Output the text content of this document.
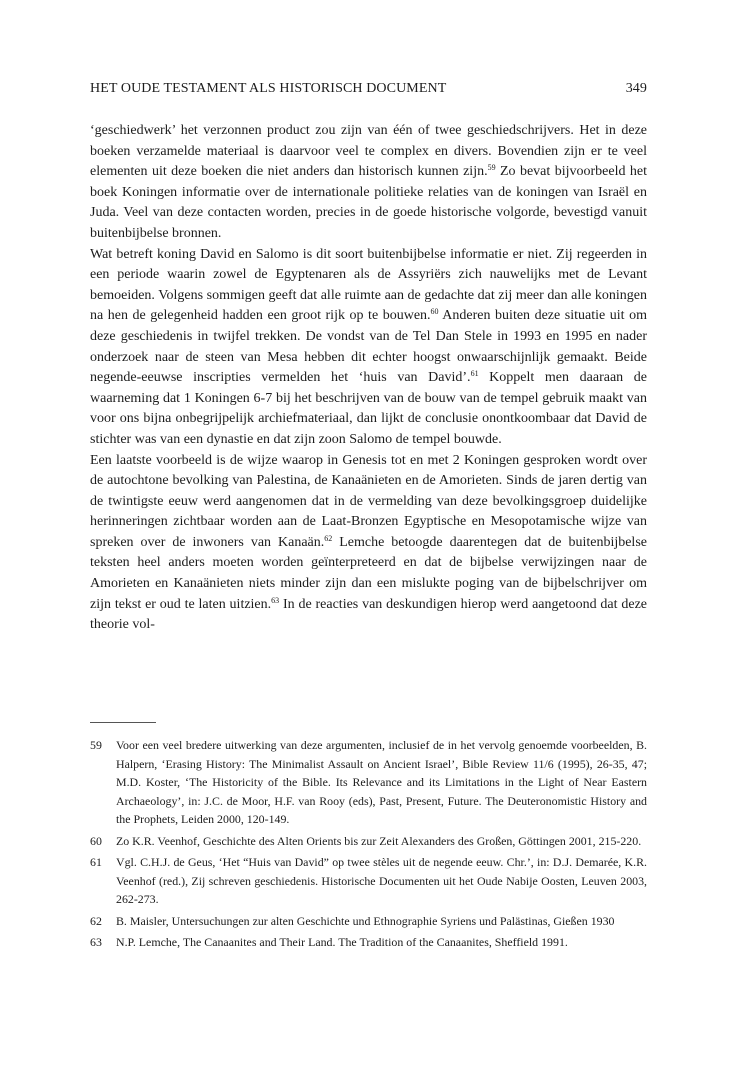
HET OUDE TESTAMENT ALS HISTORISCH DOCUMENT	349

‘geschiedwerk’ het verzonnen product zou zijn van één of twee geschiedschrijvers. Het in deze boeken verzamelde materiaal is daarvoor veel te complex en divers. Bovendien zijn er te veel elementen uit deze boeken die niet anders dan historisch kunnen zijn.$^{59}$ Zo bevat bijvoorbeeld het boek Koningen informatie over de internationale politieke relaties van de koningen van Israël en Juda. Veel van deze contacten worden, precies in de goede historische volgorde, bevestigd vanuit buitenbijbelse bronnen.

Wat betreft koning David en Salomo is dit soort buitenbijbelse informatie er niet. Zij regeerden in een periode waarin zowel de Egyptenaren als de Assyriërs zich nauwelijks met de Levant bemoeiden. Volgens sommigen geeft dat alle ruimte aan de gedachte dat zij meer dan alle koningen na hen de gelegenheid hadden een groot rijk op te bouwen.$^{60}$ Anderen buiten deze situatie uit om deze geschiedenis in twijfel trekken. De vondst van de Tel Dan Stele in 1993 en 1995 en nader onderzoek naar de steen van Mesa hebben dit echter hoogst onwaarschijnlijk gemaakt. Beide negende-eeuwse inscripties vermelden het ‘huis van David’.$^{61}$ Koppelt men daaraan de waarneming dat 1 Koningen 6-7 bij het beschrijven van de bouw van de tempel gebruik maakt van voor ons bijna onbegrijpelijk archiefmateriaal, dan lijkt de conclusie onontkoombaar dat David de stichter was van een dynastie en dat zijn zoon Salomo de tempel bouwde.

Een laatste voorbeeld is de wijze waarop in Genesis tot en met 2 Koningen gesproken wordt over de autochtone bevolking van Palestina, de Kanaänieten en de Amorieten. Sinds de jaren dertig van de twintigste eeuw werd aangenomen dat in de vermelding van deze bevolkingsgroep duidelijke herinneringen zichtbaar worden aan de Laat-Bronzen Egyptische en Mesopotamische wijze van spreken over de inwoners van Kanaän.$^{62}$ Lemche betoogde daarentegen dat de buitenbijbelse teksten heel anders moeten worden geïnterpreteerd en dat de bijbelse verwijzingen naar de Amorieten en Kanaänieten niets minder zijn dan een mislukte poging van de bijbelschrijver om zijn tekst er oud te laten uitzien.$^{63}$ In de reacties van deskundigen hierop werd aangetoond dat deze theorie vol-

59	Voor een veel bredere uitwerking van deze argumenten, inclusief de in het vervolg genoemde voorbeelden, B. Halpern, ‘Erasing History: The Minimalist Assault on Ancient Israel’, Bible Review 11/6 (1995), 26-35, 47; M.D. Koster, ‘The Historicity of the Bible. Its Relevance and its Limitations in the Light of Near Eastern Archaeology’, in: J.C. de Moor, H.F. van Rooy (eds), Past, Present, Future. The Deuteronomistic History and the Prophets, Leiden 2000, 120-149.
60	Zo K.R. Veenhof, Geschichte des Alten Orients bis zur Zeit Alexanders des Großen, Göttingen 2001, 215-220.
61	Vgl. C.H.J. de Geus, ‘Het “Huis van David” op twee stèles uit de negende eeuw. Chr.’, in: D.J. Demarée, K.R. Veenhof (red.), Zij schreven geschiedenis. Historische Documenten uit het Oude Nabije Oosten, Leuven 2003, 262-273.
62	B. Maisler, Untersuchungen zur alten Geschichte und Ethnographie Syriens und Palästinas, Gießen 1930
63	N.P. Lemche, The Canaanites and Their Land. The Tradition of the Canaanites, Sheffield 1991.
